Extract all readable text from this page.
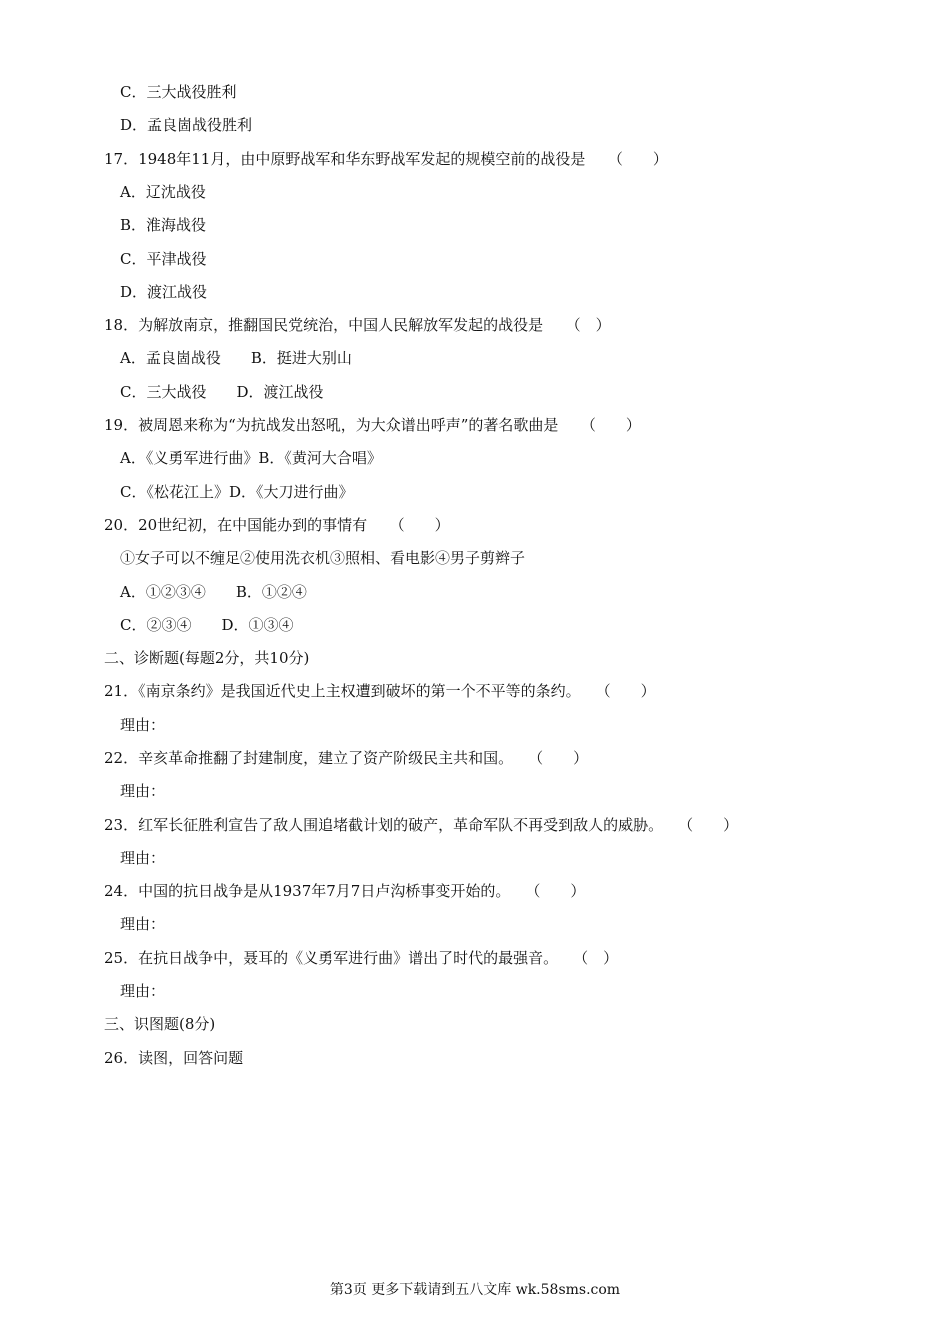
C．三大战役胜利
D．孟良崮战役胜利
17．1948年11月，由中原野战军和华东野战军发起的规模空前的战役是　　（　　）
A．辽沈战役
B．淮海战役
C．平津战役
D．渡江战役
18．为解放南京，推翻国民党统治，中国人民解放军发起的战役是　　（　）
A．孟良崮战役　　B．挺进大别山
C．三大战役　　D．渡江战役
19．被周恩来称为“为抗战发出怒吼，为大众谱出呼声”的著名歌曲是　　（　　）
A．《义勇军进行曲》B．《黄河大合唱》
C．《松花江上》D．《大刀进行曲》
20．20世纪初，在中国能办到的事情有　　（　　）
①女子可以不缠足②使用洗衣机③照相、看电影④男子剪辫子
A．①②③④　　B．①②④
C．②③④　　D．①③④
二、诊断题(每题2分，共10分)
21．《南京条约》是我国近代史上主权遭到破坏的第一个不平等的条约。　　（　　）
理由：
22．辛亥革命推翻了封建制度，建立了资产阶级民主共和国。　　（　　）
理由：
23．红军长征胜利宣告了敌人围追堵截计划的破产，革命军队不再受到敌人的威胁。　　（　　）
理由：
24．中国的抗日战争是从1937年7月7日卢沟桥事变开始的。　　（　　）
理由：
25．在抗日战争中，聂耳的《义勇军进行曲》谱出了时代的最强音。　　（　）
理由：
三、识图题(8分)
26．读图，回答问题
第3页 更多下载请到五八文库 wk.58sms.com
